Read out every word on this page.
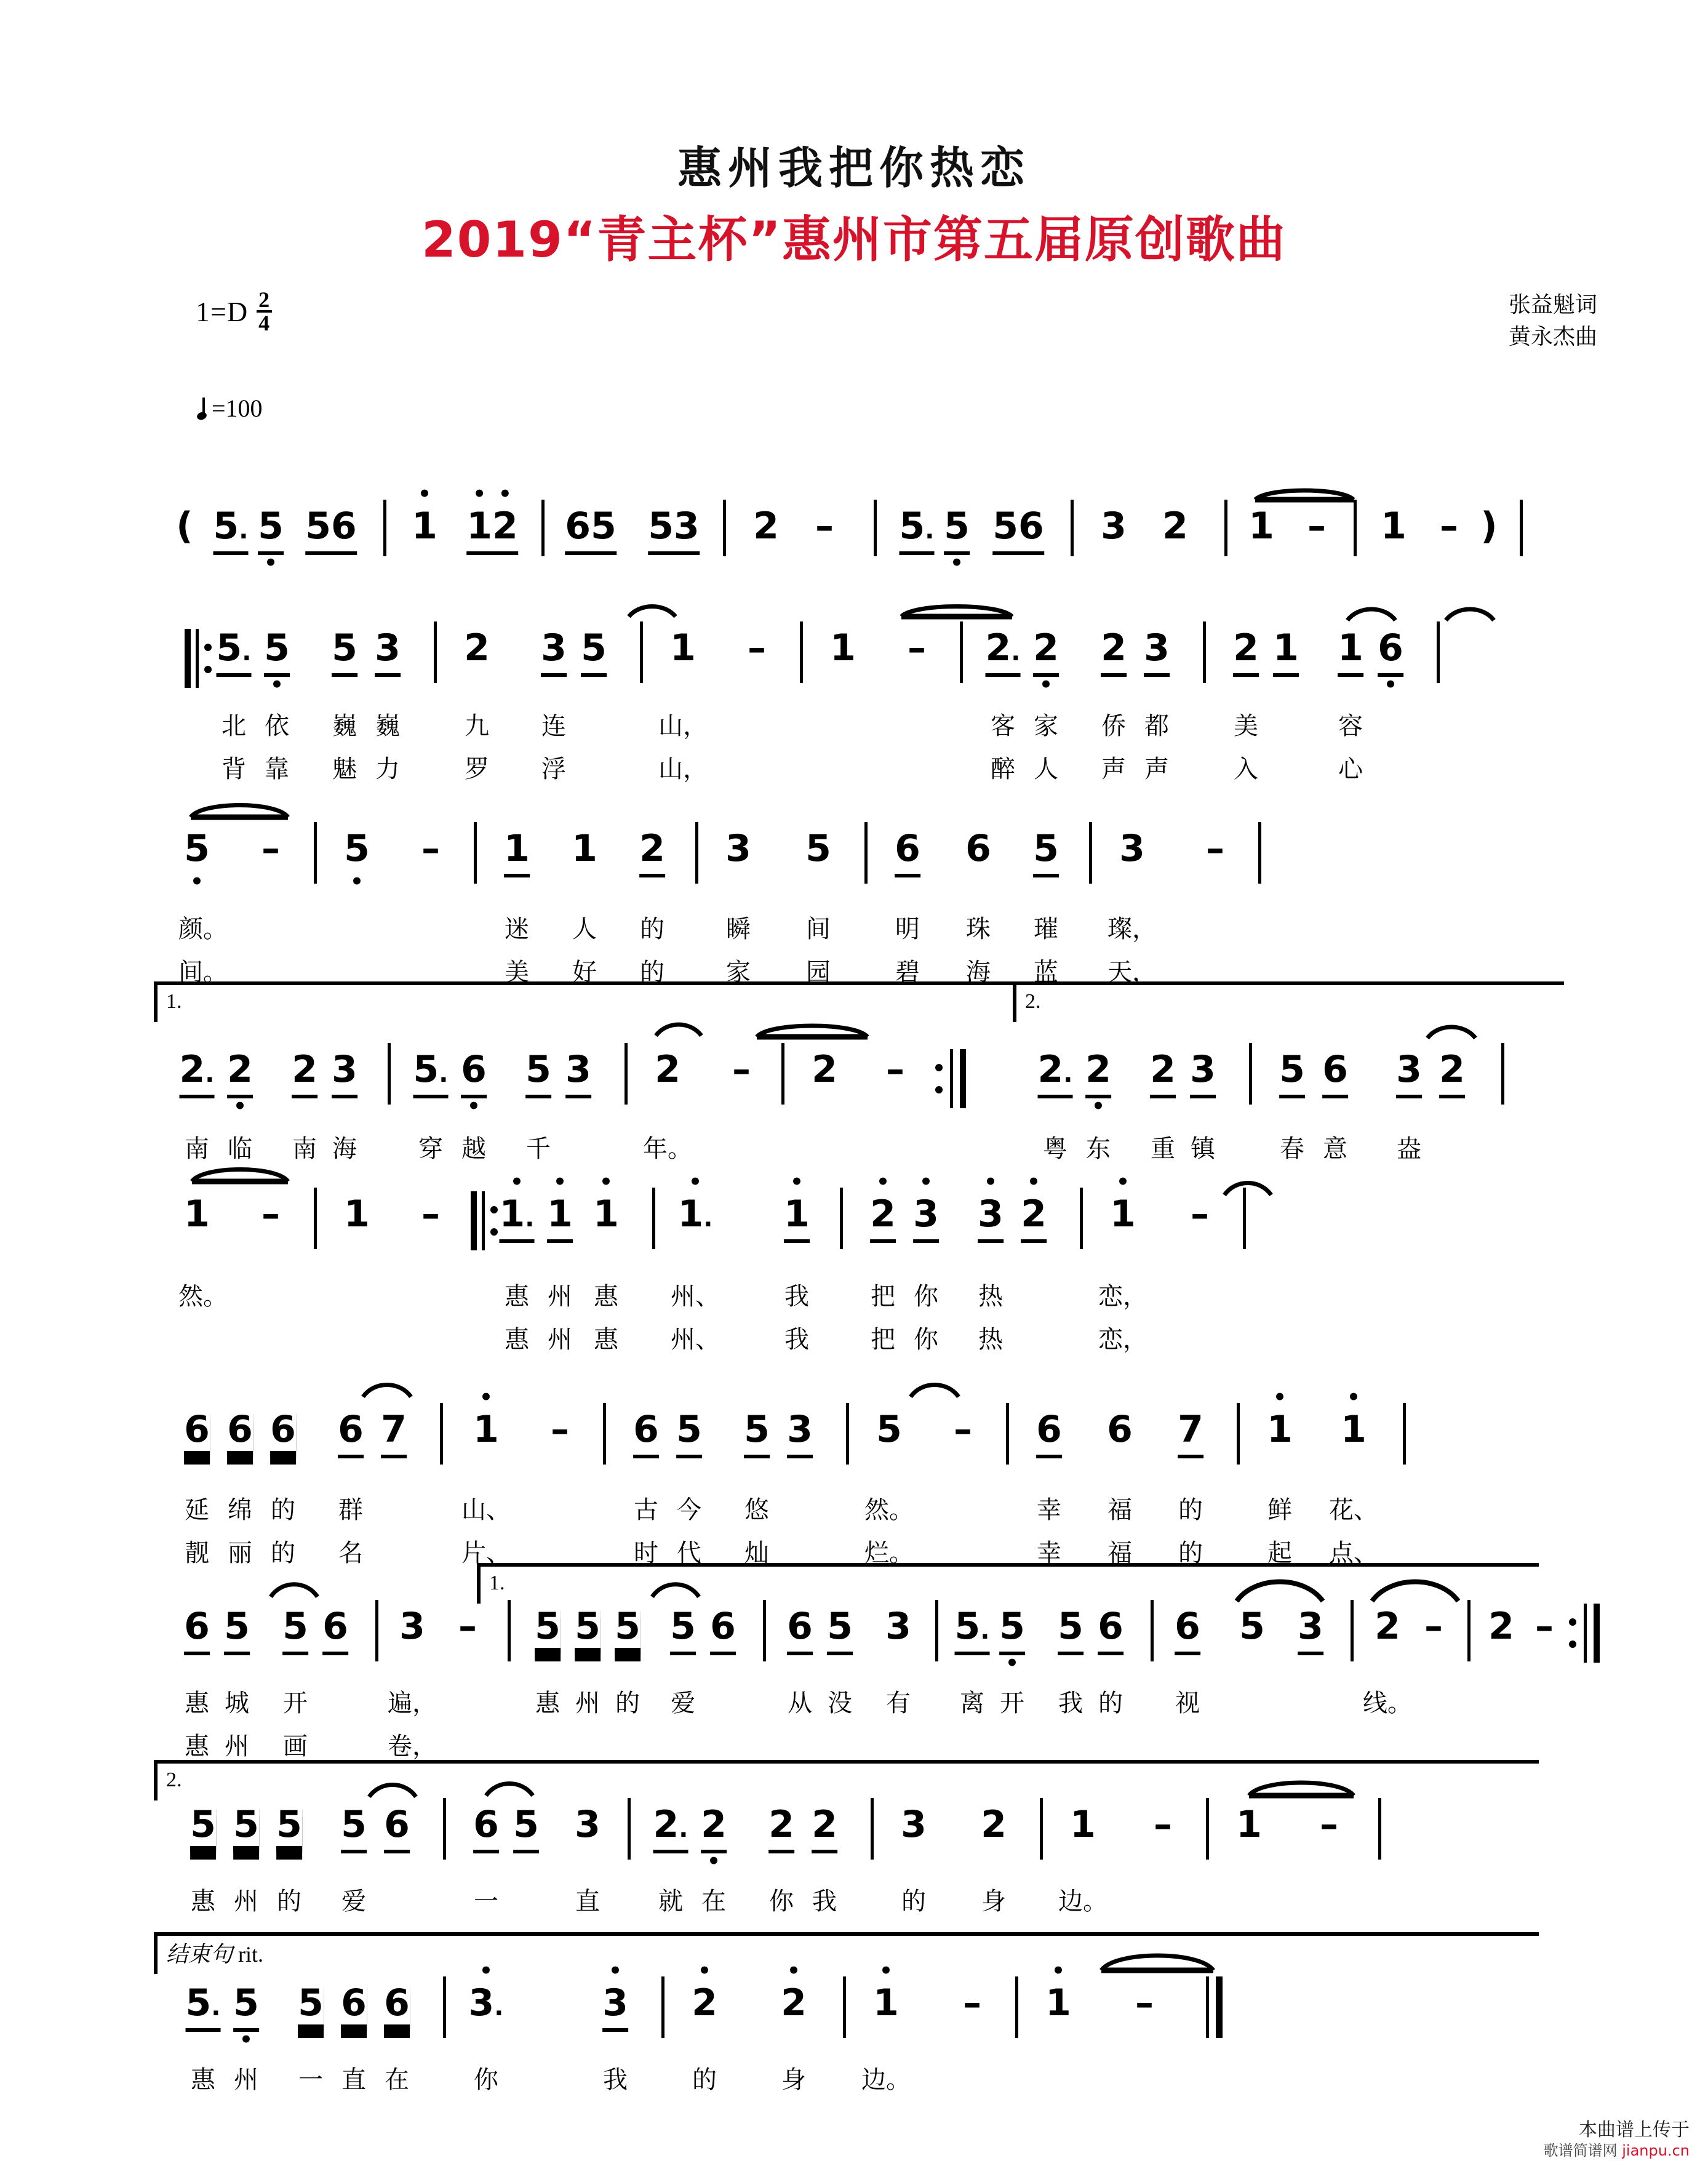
惠州我把你热恋
2019“青主杯”惠州市第五届原创歌曲
$1=D \frac{2}{4}$	张益魁词
黄永杰曲
=100
( 5. 5 • 56 1 • 1 •2 • 65 53 2 – 5. 5 • 56 3 2 1 – 1 – )
5. 5 • 5 3 2 3 5 1 – 1 – 2. 2 • 2 3 2 1 1 6 •
北 依 巍 巍	九 连	山，	客 家 侨 都	美	容
背 靠 魅 力	罗 浮	山，	醉 人 声 声	入	心
5 • – 5 • – 1 1 2 3 5 6 6 5 3 –
颜。	迷 人 的	瞬 间	明 珠 璀 璨，
间。	美 好 的	家 园	碧 海 蓝 天，
1.	2.
2. 2 • 2 3 5. 6 • 5 3 2 – 2 –	2. 2 • 2 3 5 6 3 2
南 临 南 海	穿 越 千	年。	粤 东 重 镇	春 意 盎
1 – 1 – 1. • 1 • 1 • 1. • 1 • 2 • 3 • 3 • 2 • 1 • –
然。	惠 州 惠 州、	我	把 你 热	恋，
惠 州 惠 州、	我	把 你 热	恋，
6 6 6 6 7 1 • – 6 5 5 3 5 – 6 6 7 1 • 1 •
延 绵 的 群	山、	古 今 悠	然。	幸 福 的	鲜 花、
靓 丽 的 名	片、	时 代 灿	烂。	幸 福 的	起 点、
1.
6 5 5 6 3 – 5 5 5 5 6 6 5 3 5. 5 • 5 6 6 5 3 2 – 2 –
惠 城 开	遍，	惠 州 的 爱	从 没 有 离 开 我 的 视	线。
惠 州 画	卷，
2.
5 5 5 5 6 6 5 3 2. 2 • 2 2 3 2 1 – 1 –
惠 州 的 爱	一	直 就 在 你 我	的 身 边。
结束句 rit.
5. 5 • 5 6 6 3. •	3 • 2 • 2 • 1 • – 1 • –
惠 州 一 直 在	你	我	的	身 边。
本曲谱上传于
歌谱简谱网 jianpu.cn
